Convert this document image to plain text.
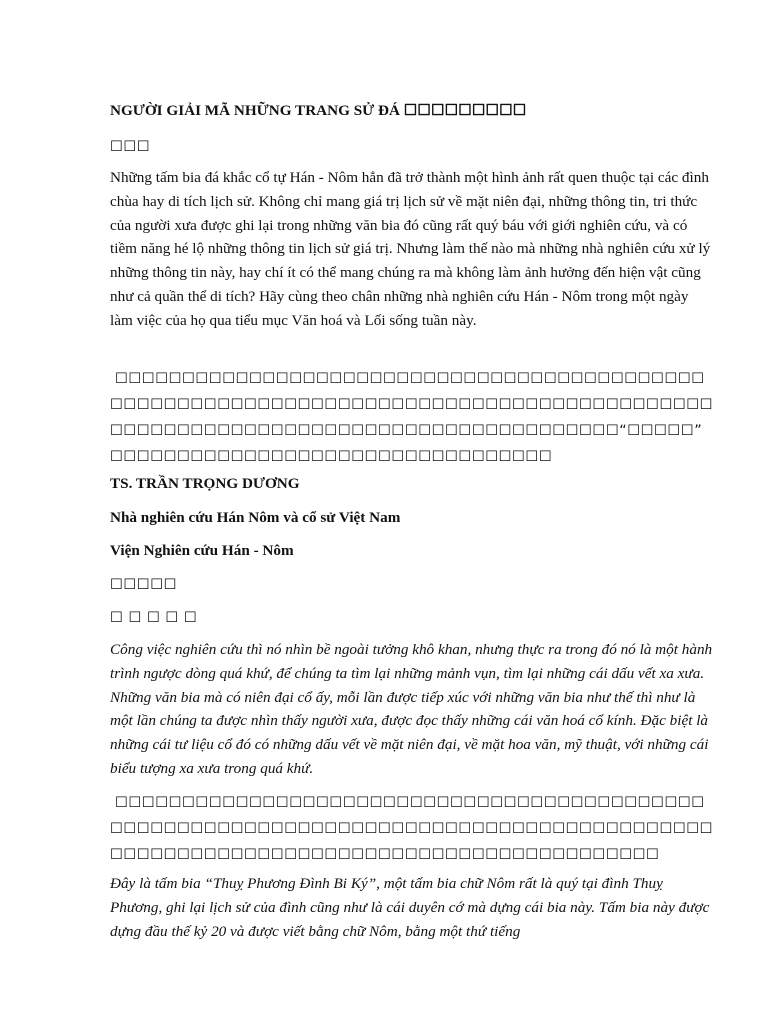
NGƯỜI GIẢI MÃ NHỮNG TRANG SỬ ĐÁ ☐☐☐☐☐☐☐☐☐

☐☐☐

Những tấm bia đá khắc cổ tự Hán - Nôm hẳn đã trở thành một hình ảnh rất quen thuộc tại các đình chùa hay di tích lịch sử. Không chỉ mang giá trị lịch sử về mặt niên đại, những thông tin, tri thức của người xưa được ghi lại trong những văn bia đó cũng rất quý báu với giới nghiên cứu, và có tiềm năng hé lộ những thông tin lịch sử giá trị. Nhưng làm thế nào mà những nhà nghiên cứu xử lý những thông tin này, hay chí ít có thể mang chúng ra mà không làm ảnh hưởng đến hiện vật cũng như cả quần thể di tích? Hãy cùng theo chân những nhà nghiên cứu Hán - Nôm trong một ngày làm việc của họ qua tiểu mục Văn hoá và Lối sống tuần này.

☐☐☐☐☐☐☐☐☐☐☐☐☐☐☐☐☐☐☐☐☐☐☐☐☐☐☐☐☐☐☐☐☐☐☐☐☐☐☐☐☐☐☐☐☐☐☐☐☐☐☐☐☐☐☐☐☐☐☐☐☐☐☐☐☐☐☐☐☐☐☐☐☐☐☐☐☐☐☐☐☐☐☐☐☐☐☐☐☐☐☐☐☐☐☐☐☐☐☐☐☐☐☐☐☐☐☐☐☐☐☐☐☐☐☐☐☐☐☐☐☐☐☐☐☐☐☐“☐☐☐☐☐”☐☐☐☐☐☐☐☐☐☐☐☐☐☐☐☐☐☐☐☐☐☐☐☐☐☐☐☐☐☐☐☐☐

TS. TRẦN TRỌNG DƯƠNG

Nhà nghiên cứu Hán Nôm và cổ sử Việt Nam

Viện Nghiên cứu Hán - Nôm

☐☐☐☐☐

☐ ☐ ☐ ☐ ☐

Công việc nghiên cứu thì nó nhìn bề ngoài tưởng khô khan, nhưng thực ra trong đó nó là một hành trình ngược dòng quá khứ, để chúng ta tìm lại những mảnh vụn, tìm lại những cái dấu vết xa xưa. Những văn bia mà có niên đại cổ ấy, mỗi lần được tiếp xúc với những văn bia như thế thì như là một lần chúng ta được nhìn thấy người xưa, được đọc thấy những cái văn hoá cổ kính. Đặc biệt là những cái tư liệu cổ đó có những dấu vết về mặt niên đại, về mặt hoa văn, mỹ thuật, với những cái biểu tượng xa xưa trong quá khứ.

☐☐☐☐☐☐☐☐☐☐☐☐☐☐☐☐☐☐☐☐☐☐☐☐☐☐☐☐☐☐☐☐☐☐☐☐☐☐☐☐☐☐☐☐☐☐☐☐☐☐☐☐☐☐☐☐☐☐☐☐☐☐☐☐☐☐☐☐☐☐☐☐☐☐☐☐☐☐☐☐☐☐☐☐☐☐☐☐☐☐☐☐☐☐☐☐☐☐☐☐☐☐☐☐☐☐☐☐☐☐☐☐☐☐☐☐☐☐☐☐☐☐☐☐☐☐☐☐☐☐

Đây là tấm bia “Thuỵ Phương Đình Bi Ký”, một tấm bia chữ Nôm rất là quý tại đình Thuỵ Phương, ghi lại lịch sử của đình cũng như là cái duyên cớ mà dựng cái bia này. Tấm bia này được dựng đầu thế kỷ 20 và được viết bằng chữ Nôm, bằng một thứ tiếng
